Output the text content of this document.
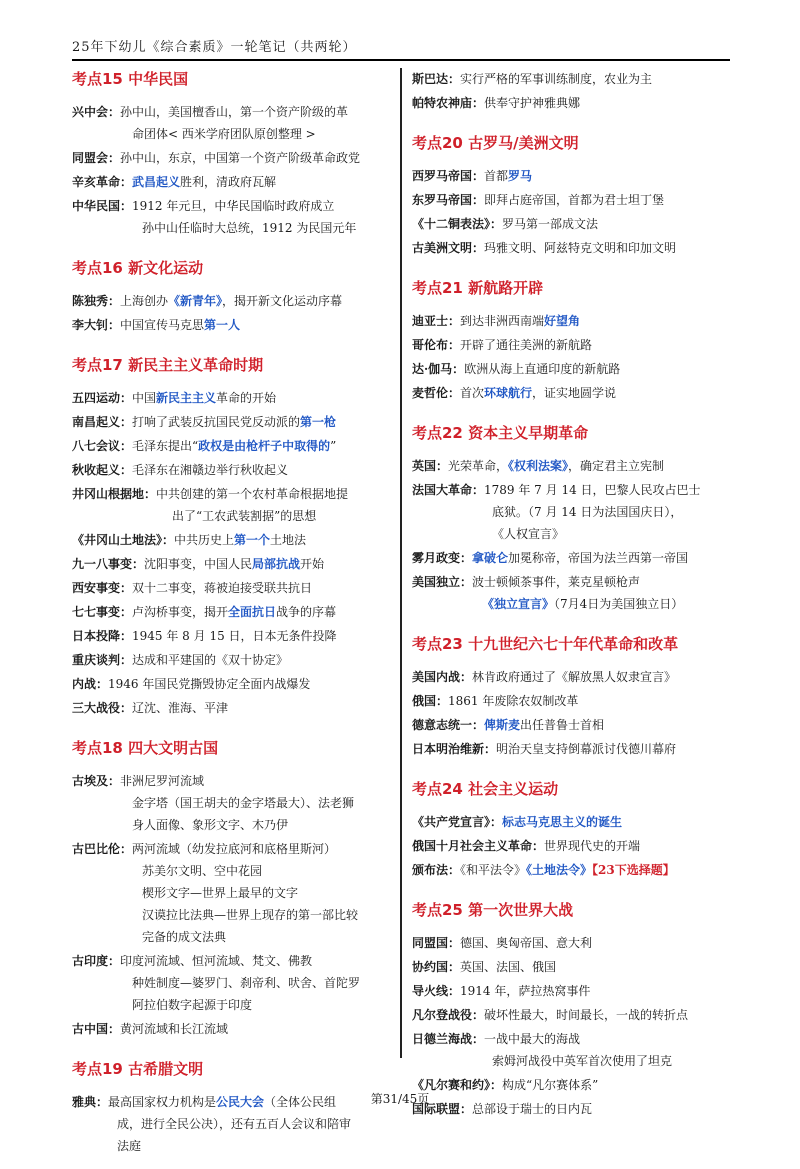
25年下幼儿《综合素质》一轮笔记（共两轮）
考点15 中华民国
兴中会：孙中山，美国檀香山，第一个资产阶级的革
命团体< 西米学府团队原创整理 >
同盟会：孙中山，东京，中国第一个资产阶级革命政党
辛亥革命：武昌起义胜利，清政府瓦解
中华民国：1912 年元旦，中华民国临时政府成立
孙中山任临时大总统，1912 为民国元年
考点16 新文化运动
陈独秀：上海创办《新青年》，揭开新文化运动序幕
李大钊：中国宣传马克思第一人
考点17 新民主主义革命时期
五四运动：中国新民主主义革命的开始
南昌起义：打响了武装反抗国民党反动派的第一枪
八七会议：毛泽东提出“政权是由枪杆子中取得的”
秋收起义：毛泽东在湘赣边举行秋收起义
井冈山根据地：中共创建的第一个农村革命根据地提
出了“工农武装割据”的思想
《井冈山土地法》：中共历史上第一个土地法
九一八事变：沈阳事变，中国人民局部抗战开始
西安事变：双十二事变，蒋被迫接受联共抗日
七七事变：卢沟桥事变，揭开全面抗日战争的序幕
日本投降：1945 年 8 月 15 日，日本无条件投降
重庆谈判：达成和平建国的《双十协定》
内战：1946 年国民党撕毁协定全面内战爆发
三大战役：辽沈、淮海、平津
考点18 四大文明古国
古埃及：非洲尼罗河流域
金字塔（国王胡夫的金字塔最大）、法老狮
身人面像、象形文字、木乃伊
古巴比伦：两河流域（幼发拉底河和底格里斯河）
苏美尔文明、空中花园
楔形文字—世界上最早的文字
汉谟拉比法典—世界上现存的第一部比较
完备的成文法典
古印度：印度河流域、恒河流域、梵文、佛教
种姓制度—婆罗门、刹帝利、吠舍、首陀罗
阿拉伯数字起源于印度
古中国：黄河流域和长江流域
考点19 古希腊文明
雅典：最高国家权力机构是公民大会（全体公民组
成，进行全民公决），还有五百人会议和陪审
法庭
斯巴达：实行严格的军事训练制度，农业为主
帕特农神庙：供奉守护神雅典娜
考点20 古罗马/美洲文明
西罗马帝国：首都罗马
东罗马帝国：即拜占庭帝国，首都为君士坦丁堡
《十二铜表法》：罗马第一部成文法
古美洲文明：玛雅文明、阿兹特克文明和印加文明
考点21 新航路开辟
迪亚士：到达非洲西南端好望角
哥伦布：开辟了通往美洲的新航路
达·伽马：欧洲从海上直通印度的新航路
麦哲伦：首次环球航行，证实地圆学说
考点22 资本主义早期革命
英国：光荣革命，《权利法案》，确定君主立宪制
法国大革命：1789 年 7 月 14 日，巴黎人民攻占巴士
底狱。（7 月 14 日为法国国庆日），
《人权宣言》
雾月政变：拿破仑加冕称帝，帝国为法兰西第一帝国
美国独立：波士顿倾茶事件，莱克星顿枪声
《独立宣言》（7月4日为美国独立日）
考点23 十九世纪六七十年代革命和改革
美国内战：林肯政府通过了《解放黑人奴隶宣言》
俄国：1861 年废除农奴制改革
德意志统一：俾斯麦出任普鲁士首相
日本明治维新：明治天皇支持倒幕派讨伐德川幕府
考点24 社会主义运动
《共产党宣言》：标志马克思主义的诞生
俄国十月社会主义革命：世界现代史的开端
颁布法：《和平法令》《土地法令》【23下选择题】
考点25 第一次世界大战
同盟国：德国、奥匈帝国、意大利
协约国：英国、法国、俄国
导火线：1914 年，萨拉热窝事件
凡尔登战役：破坏性最大，时间最长，一战的转折点
日德兰海战：一战中最大的海战
索姆河战役中英军首次使用了坦克
《凡尔赛和约》：构成“凡尔赛体系”
国际联盟：总部设于瑞士的日内瓦
第31/45页
